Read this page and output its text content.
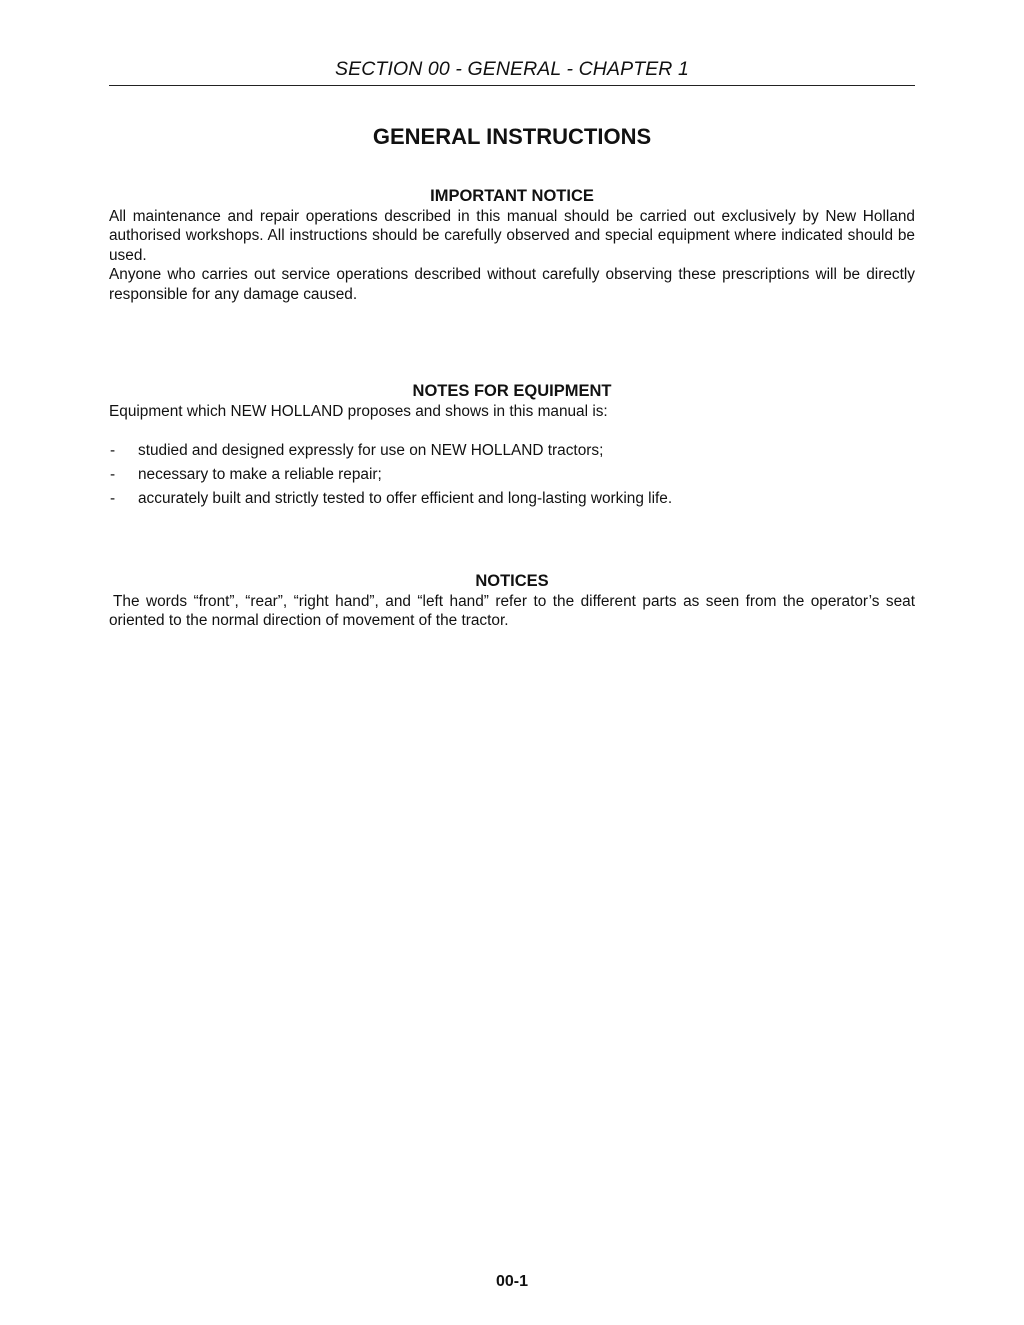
SECTION 00 - GENERAL - CHAPTER 1
GENERAL INSTRUCTIONS
IMPORTANT NOTICE

All maintenance and repair operations described in this manual should be carried out exclusively by New Holland authorised workshops. All instructions should be carefully observed and special equipment where indicated should be used.

Anyone who carries out service operations described without carefully observing these prescriptions will be directly responsible for any damage caused.

NOTES FOR EQUIPMENT

Equipment which NEW HOLLAND proposes and shows in this manual is:

-	studied and designed expressly for use on NEW HOLLAND tractors;
-	necessary to make a reliable repair;
-	accurately built and strictly tested to offer efficient and long-lasting working life.
NOTICES

The words “front”, “rear”, “right hand”, and “left hand” refer to the different parts as seen from the operator’s seat oriented to the normal direction of movement of the tractor.

00-1
